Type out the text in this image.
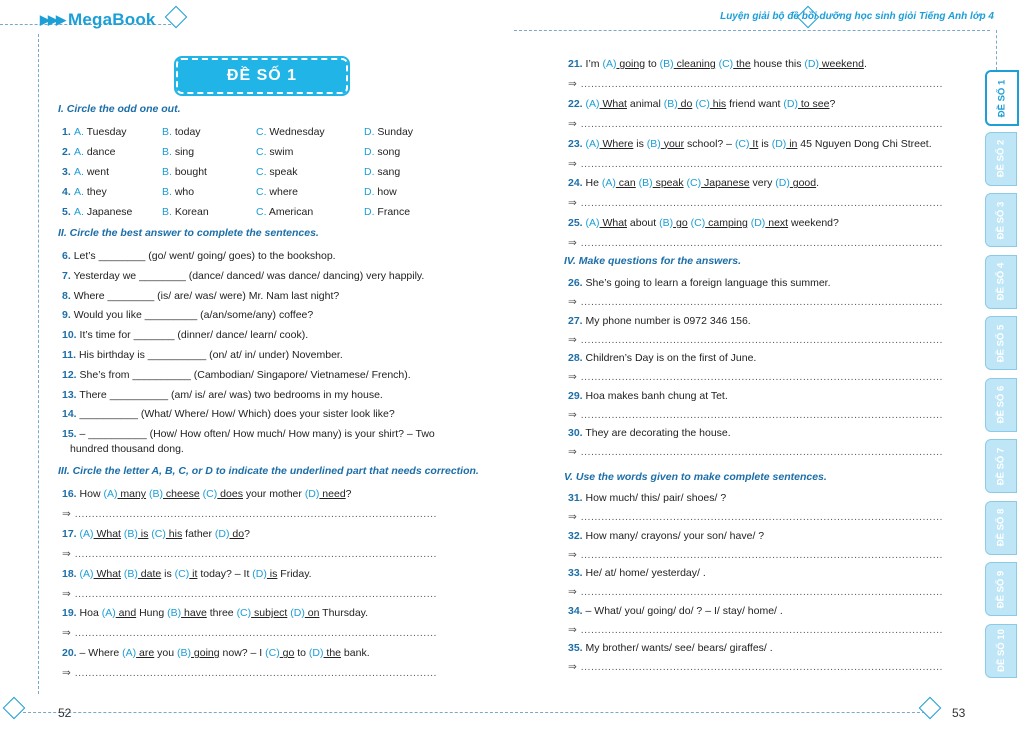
▶▶▶ MegaBook	Luyện giải bộ đề bồi dưỡng học sinh giỏi Tiếng Anh lớp 4
ĐỀ SỐ 1
I. Circle the odd one out.
1. A. Tuesday	B. today	C. Wednesday	D. Sunday
2. A. dance	B. sing	C. swim	D. song
3. A. went	B. bought	C. speak	D. sang
4. A. they	B. who	C. where	D. how
5. A. Japanese	B. Korean	C. American	D. France
II. Circle the best answer to complete the sentences.
6. Let’s ________ (go/ went/ going/ goes) to the bookshop.
7. Yesterday we ________ (dance/ danced/ was dance/ dancing) very happily.
8. Where ________ (is/ are/ was/ were) Mr. Nam last night?
9. Would you like _________ (a/an/some/any) coffee?
10. It’s time for _______ (dinner/ dance/ learn/ cook).
11. His birthday is __________ (on/ at/ in/ under) November.
12. She’s from __________ (Cambodian/ Singapore/ Vietnamese/ French).
13. There __________ (am/ is/ are/ was) two bedrooms in my house.
14. __________ (What/ Where/ How/ Which) does your sister look like?
15. – __________ (How/ How often/ How much/ How many) is your shirt? – Two
hundred thousand dong.
III. Circle the letter A, B, C, or D to indicate the underlined part that needs correction.
16. How (A) many (B) cheese (C) does your mother (D) need?
⇒ ..........................................................................................................
17. (A) What (B) is (C) his father (D) do?
⇒ ..........................................................................................................
18. (A) What (B) date is (C) it today? – It (D) is Friday.
⇒ ..........................................................................................................
19. Hoa (A) and Hung (B) have three (C) subject (D) on Thursday.
⇒ ..........................................................................................................
20. – Where (A) are you (B) going now? – I (C) go to (D) the bank.
⇒ ..........................................................................................................
52
21. I’m (A) going to (B) cleaning (C) the house this (D) weekend.
⇒ ..........................................................................................................
22. (A) What animal (B) do (C) his friend want (D) to see?
⇒ ..........................................................................................................
23. (A) Where is (B) your school? – (C) It is (D) in 45 Nguyen Dong Chi Street.
⇒ ..........................................................................................................
24. He (A) can (B) speak (C) Japanese very (D) good.
⇒ ..........................................................................................................
25. (A) What about (B) go (C) camping (D) next weekend?
⇒ ..........................................................................................................
IV. Make questions for the answers.
26. She’s going to learn a foreign language this summer.
⇒ ..........................................................................................................
27. My phone number is 0972 346 156.
⇒ ..........................................................................................................
28. Children’s Day is on the first of June.
⇒ ..........................................................................................................
29. Hoa makes banh chung at Tet.
⇒ ..........................................................................................................
30. They are decorating the house.
⇒ ..........................................................................................................
V. Use the words given to make complete sentences.
31. How much/ this/ pair/ shoes/ ?
⇒ ..........................................................................................................
32. How many/ crayons/ your son/ have/ ?
⇒ ..........................................................................................................
33. He/ at/ home/ yesterday/ .
⇒ ..........................................................................................................
34. – What/ you/ going/ do/ ? – I/ stay/ home/ .
⇒ ..........................................................................................................
35. My brother/ wants/ see/ bears/ giraffes/ .
⇒ ..........................................................................................................
53
ĐỀ SỐ 1
ĐỀ SỐ 2
ĐỀ SỐ 3
ĐỀ SỐ 4
ĐỀ SỐ 5
ĐỀ SỐ 6
ĐỀ SỐ 7
ĐỀ SỐ 8
ĐỀ SỐ 9
ĐỀ SỐ 10
